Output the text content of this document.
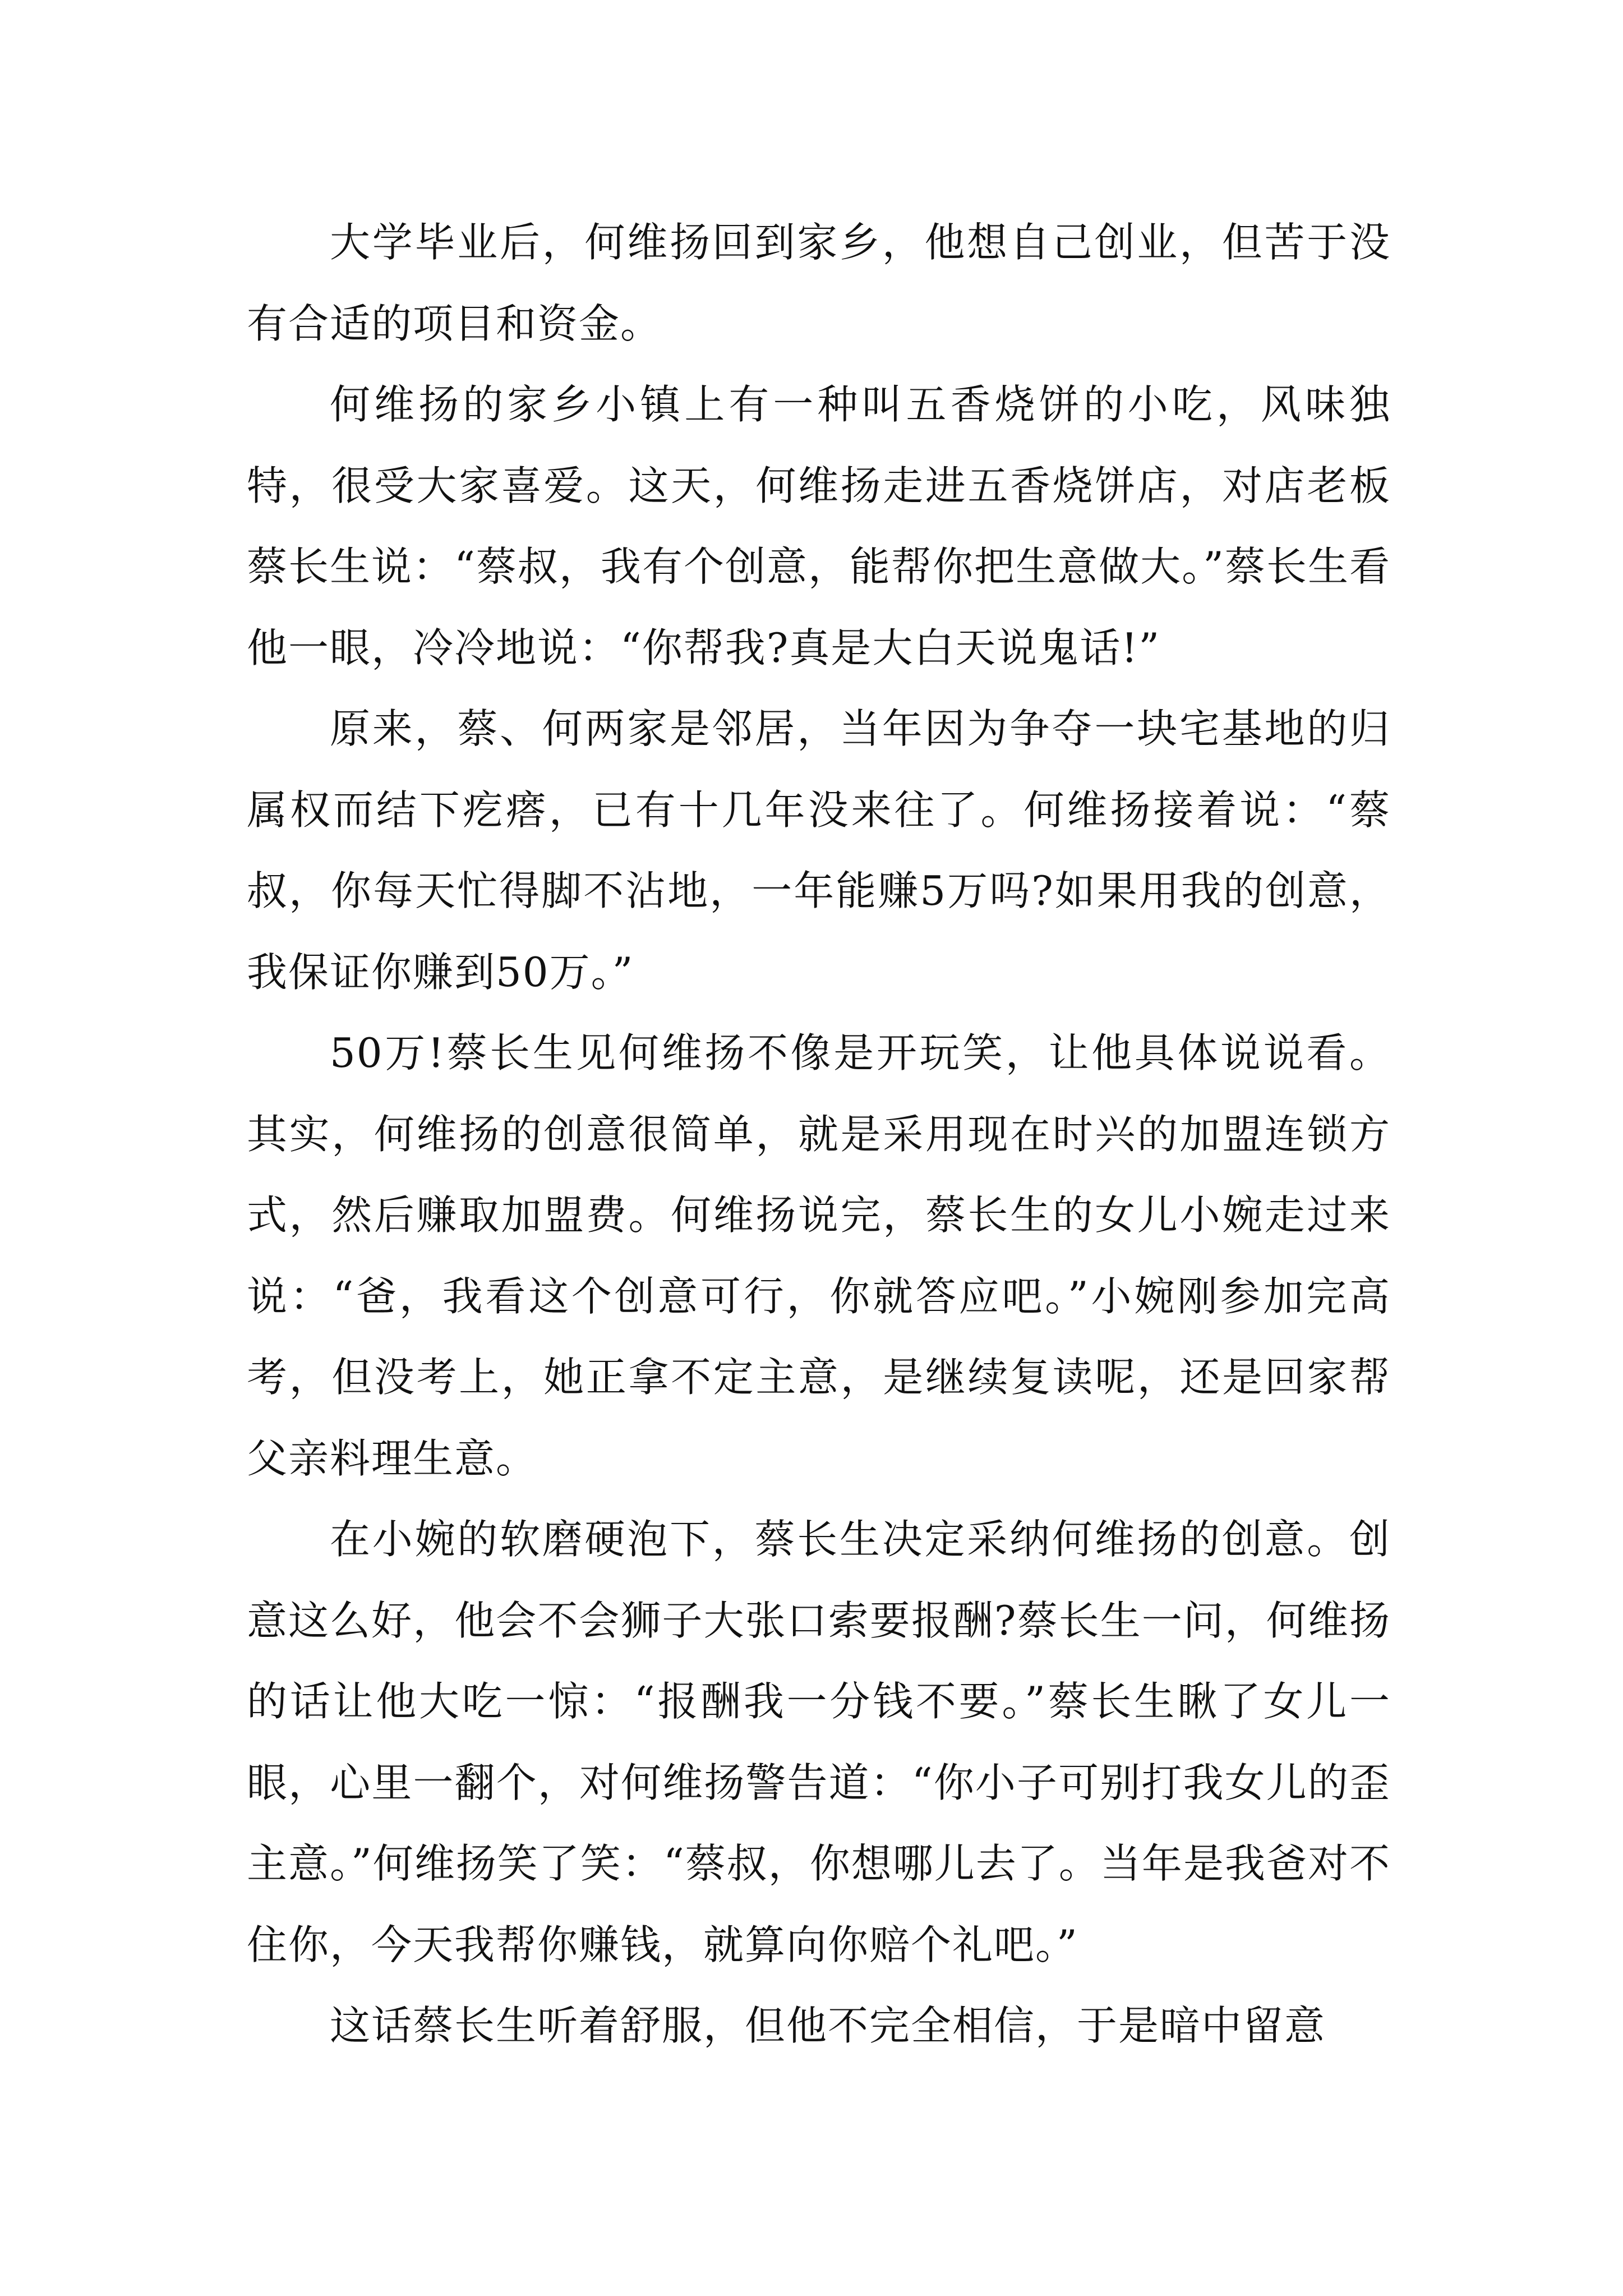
大学毕业后，何维扬回到家乡，他想自己创业，但苦于没有合适的项目和资金。

何维扬的家乡小镇上有一种叫五香烧饼的小吃，风味独特，很受大家喜爱。这天，何维扬走进五香烧饼店，对店老板蔡长生说：“蔡叔，我有个创意，能帮你把生意做大。”蔡长生看他一眼，冷冷地说：“你帮我?真是大白天说鬼话!”

原来，蔡、何两家是邻居，当年因为争夺一块宅基地的归属权而结下疙瘩，已有十几年没来往了。何维扬接着说：“蔡叔，你每天忙得脚不沾地，一年能赚5万吗?如果用我的创意，我保证你赚到50万。”

50万!蔡长生见何维扬不像是开玩笑，让他具体说说看。其实，何维扬的创意很简单，就是采用现在时兴的加盟连锁方式，然后赚取加盟费。何维扬说完，蔡长生的女儿小婉走过来说：“爸，我看这个创意可行，你就答应吧。”小婉刚参加完高考，但没考上，她正拿不定主意，是继续复读呢，还是回家帮父亲料理生意。

在小婉的软磨硬泡下，蔡长生决定采纳何维扬的创意。创意这么好，他会不会狮子大张口索要报酬?蔡长生一问，何维扬的话让他大吃一惊：“报酬我一分钱不要。”蔡长生瞅了女儿一眼，心里一翻个，对何维扬警告道：“你小子可别打我女儿的歪主意。”何维扬笑了笑：“蔡叔，你想哪儿去了。当年是我爸对不住你，今天我帮你赚钱，就算向你赔个礼吧。”

这话蔡长生听着舒服，但他不完全相信，于是暗中留意
